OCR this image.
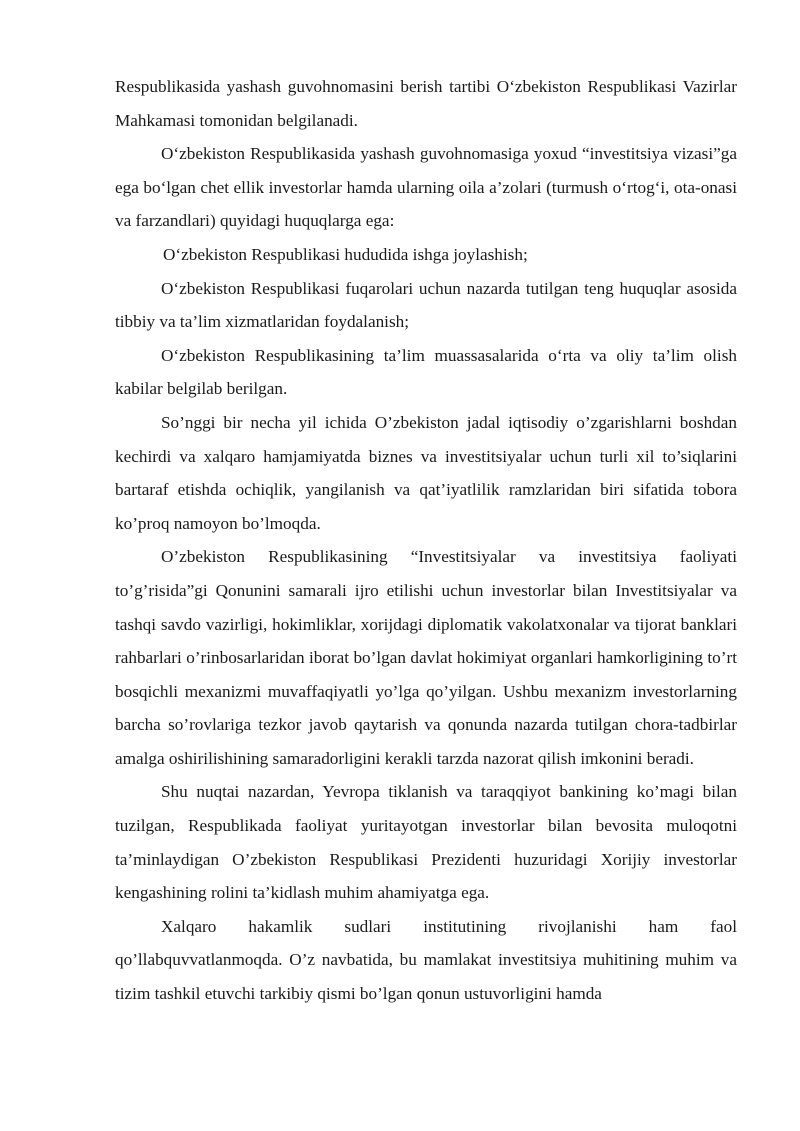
Respublikasida yashash guvohnomasini berish tartibi O‘zbekiston Respublikasi Vazirlar Mahkamasi tomonidan belgilanadi.

O‘zbekiston Respublikasida yashash guvohnomasiga yoxud “investitsiya vizasi”ga ega bo‘lgan chet ellik investorlar hamda ularning oila a’zolari (turmush o‘rtog‘i, ota-onasi va farzandlari) quyidagi huquqlarga ega:

O‘zbekiston Respublikasi hududida ishga joylashish;

O‘zbekiston Respublikasi fuqarolari uchun nazarda tutilgan teng huquqlar asosida tibbiy va ta’lim xizmatlaridan foydalanish;

O‘zbekiston Respublikasining ta’lim muassasalarida o‘rta va oliy ta’lim olish kabilar belgilab berilgan.

So’nggi bir necha yil ichida O’zbekiston jadal iqtisodiy o’zgarishlarni boshdan kechirdi va xalqaro hamjamiyatda biznes va investitsiyalar uchun turli xil to’siqlarini bartaraf etishda ochiqlik, yangilanish va qat’iyatlilik ramzlaridan biri sifatida tobora ko’proq namoyon bo’lmoqda.

O’zbekiston Respublikasining “Investitsiyalar va investitsiya faoliyati to’g’risida”gi Qonunini samarali ijro etilishi uchun investorlar bilan Investitsiyalar va tashqi savdo vazirligi, hokimliklar, xorijdagi diplomatik vakolatxonalar va tijorat banklari rahbarlari o’rinbosarlaridan iborat bo’lgan davlat hokimiyat organlari hamkorligining to’rt bosqichli mexanizmi muvaffaqiyatli yo’lga qo’yilgan. Ushbu mexanizm investorlarning barcha so’rovlariga tezkor javob qaytarish va qonunda nazarda tutilgan chora-tadbirlar amalga oshirilishining samaradorligini kerakli tarzda nazorat qilish imkonini beradi.

Shu nuqtai nazardan, Yevropa tiklanish va taraqqiyot bankining ko’magi bilan tuzilgan, Respublikada faoliyat yuritayotgan investorlar bilan bevosita muloqotni ta’minlaydigan O’zbekiston Respublikasi Prezidenti huzuridagi Xorijiy investorlar kengashining rolini ta’kidlash muhim ahamiyatga ega.

Xalqaro hakamlik sudlari institutining rivojlanishi ham faol qo’llabquvvatlanmoqda. O’z navbatida, bu mamlakat investitsiya muhitining muhim va tizim tashkil etuvchi tarkibiy qismi bo’lgan qonun ustuvorligini hamda
